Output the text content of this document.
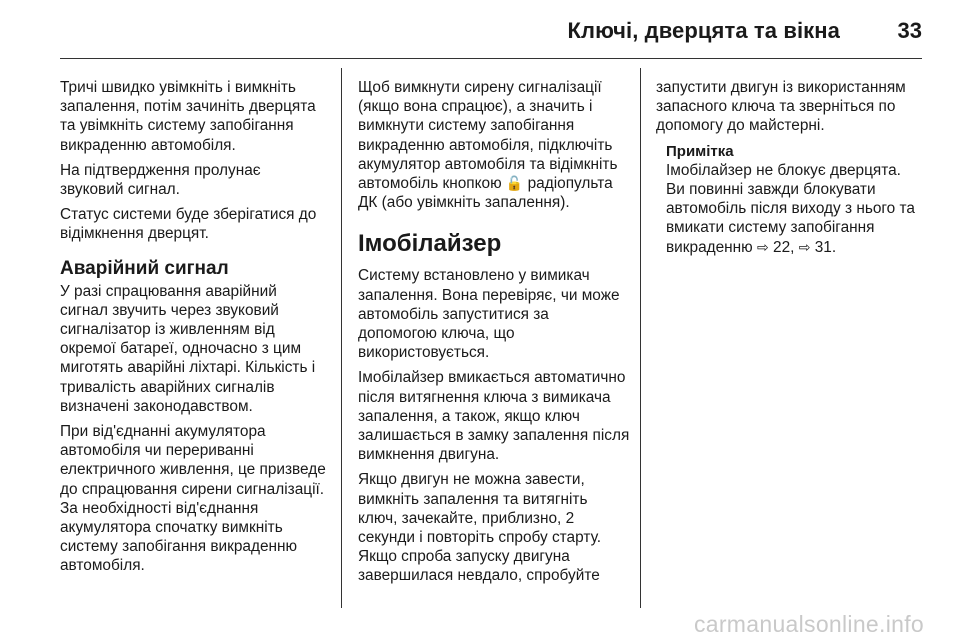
Ключі, дверцята та вікна	33

Тричі швидко увімкніть і вимкніть запалення, потім зачиніть дверцята та увімкніть систему запобігання викраденню автомобіля.

На підтвердження пролунає звуковий сигнал.

Статус системи буде зберігатися до відімкнення дверцят.

Аварійний сигнал

У разі спрацювання аварійний сигнал звучить через звуковий сигналізатор із живленням від окремої батареї, одночасно з цим миготять аварійні ліхтарі. Кількість і тривалість аварійних сигналів визначені законодавством.

При від'єднанні акумулятора автомобіля чи перериванні електричного живлення, це призведе до спрацювання сирени сигналізації. За необхідності від'єднання акумулятора спочатку вимкніть систему запобігання викраденню автомобіля.

Щоб вимкнути сирену сигналізації (якщо вона спрацює), а значить і вимкнути систему запобігання викраденню автомобіля, підключіть акумулятор автомобіля та відімкніть автомобіль кнопкою 🔓 радіопульта ДК (або увімкніть запалення).

Імобілайзер

Систему встановлено у вимикач запалення. Вона перевіряє, чи може автомобіль запуститися за допомогою ключа, що використовується.

Імобілайзер вмикається автоматично після витягнення ключа з вимикача запалення, а також, якщо ключ залишається в замку запалення після вимкнення двигуна.

Якщо двигун не можна завести, вимкніть запалення та витягніть ключ, зачекайте, приблизно, 2 секунди і повторіть спробу старту. Якщо спроба запуску двигуна завершилася невдало, спробуйте

запустити двигун із використанням запасного ключа та зверніться по допомогу до майстерні.

Примітка
Імобілайзер не блокує дверцята. Ви повинні завжди блокувати автомобіль після виходу з нього та вмикати систему запобігання викраденню ⇨ 22, ⇨ 31.
carmanualsonline.info
